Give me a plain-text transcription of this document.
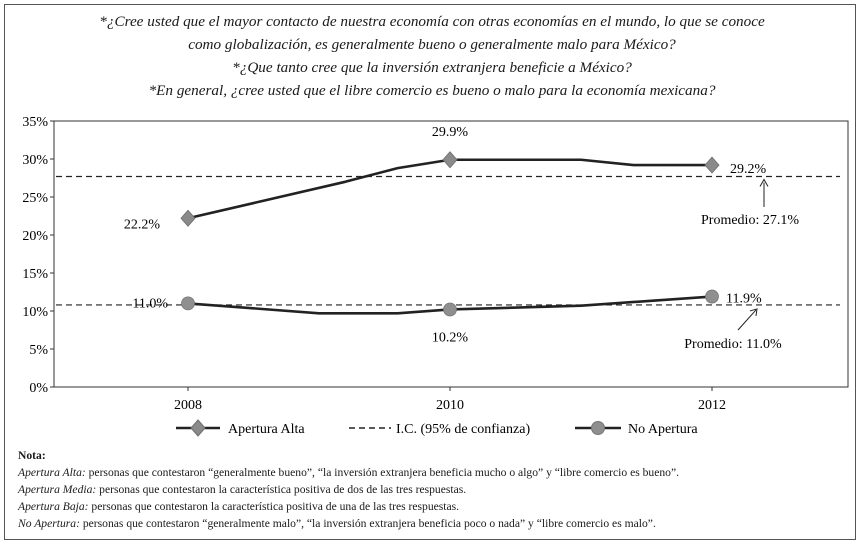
*¿Cree usted que el mayor contacto de nuestra economía con otras economías en el mundo, lo que se conoce
como globalización, es generalmente bueno o generalmente malo para México?
*¿Que tanto cree que la inversión extranjera beneficie a México?
*En general, ¿cree usted que el libre comercio es bueno o malo para la economía mexicana?
0%
5%
10%
15%
20%
25%
30%
35%
2008	2010	2012
Promedio: 27.1%
Promedio: 11.0%
22.2%
29.9%
29.2%
11.0%
10.2%
11.9%
Apertura Alta	I.C. (95% de confianza)	No Apertura
Nota:
Apertura Alta: personas que contestaron “generalmente bueno”, “la inversión extranjera beneficia mucho o algo” y “libre comercio es bueno”.
Apertura Media: personas que contestaron la característica positiva de dos de las tres respuestas.
Apertura Baja: personas que contestaron la característica positiva de una de las tres respuestas.
No Apertura: personas que contestaron “generalmente malo”, “la inversión extranjera beneficia poco o nada” y “libre comercio es malo”.
